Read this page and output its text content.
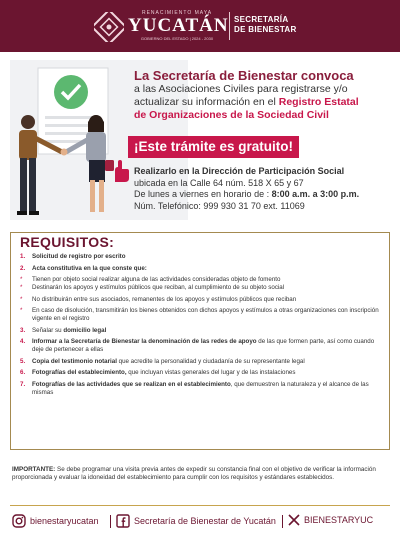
RENACIMIENTO MAYA
YUCATÁN
GOBIERNO DEL ESTADO | 2024 - 2030
SECRETARÍA
DE BIENESTAR
La Secretaría de Bienestar convoca
a las Asociaciones Civiles para registrarse y/o
actualizar su información en el Registro Estatal
de Organizaciones de la Sociedad Civil
¡Este trámite es gratuito!
Realizarlo en la Dirección de Participación Social
ubicada en la Calle 64 núm. 518 X 65 y 67
De lunes a viernes en horario de : 8:00 a.m. a 3:00 p.m.
Núm. Telefónico: 999 930 31 70 ext. 11069
REQUISITOS:
1.	Solicitud de registro por escrito
2.	Acta constitutiva en la que conste que:
*	Tienen por objeto social realizar alguna de las actividades consideradas objeto de fomento
*	Destinarán los apoyos y estímulos públicos que reciban, al cumplimiento de su objeto social
*	No distribuirán entre sus asociados, remanentes de los apoyos y estímulos públicos que reciban
*	En caso de disolución, transmitirán los bienes obtenidos con dichos apoyos y estímulos a otras organizaciones con inscripción vigente en el registro
3.	Señalar su domicilio legal
4.	Informar a la Secretaría de Bienestar la denominación de las redes de apoyo de las que formen parte, así como cuando deje de pertenecer a ellas
5.	Copia del testimonio notarial que acredite la personalidad y ciudadanía de su representante legal
6.	Fotografías del establecimiento, que incluyan vistas generales del lugar y de las instalaciones
7.	Fotografías de las actividades que se realizan en el establecimiento, que demuestren la naturaleza y el alcance de las mismas
IMPORTANTE: Se debe programar una visita previa antes de expedir su constancia final con el objetivo de verificar la información proporcionada y evaluar la idoneidad del establecimiento para cumplir con los requisitos y estándares establecidos.
bienestaryucatan	Secretaría de Bienestar de Yucatán	BIENESTARYUC
